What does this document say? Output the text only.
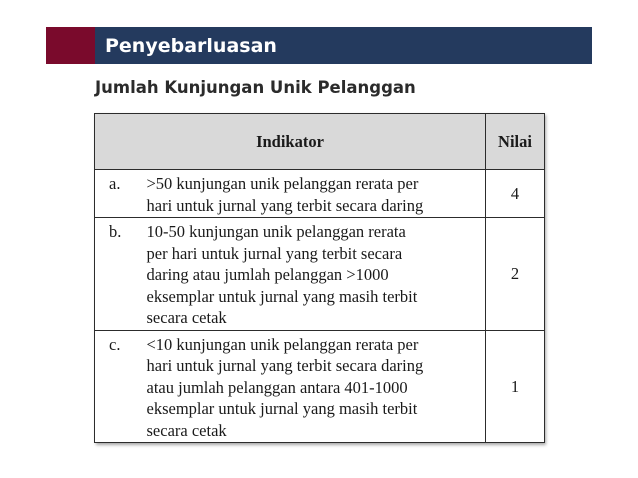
Penyebarluasan
Jumlah Kunjungan Unik Pelanggan
Indikator		Nilai
a.	>50 kunjungan unik pelanggan rerata per
hari untuk jurnal yang terbit secara daring	4
b.	10-50 kunjungan unik pelanggan rerata
per hari untuk jurnal yang terbit secara
daring atau jumlah pelanggan >1000
eksemplar untuk jurnal yang masih terbit
secara cetak	2
c.	<10 kunjungan unik pelanggan rerata per
hari untuk jurnal yang terbit secara daring
atau jumlah pelanggan antara 401-1000
eksemplar untuk jurnal yang masih terbit
secara cetak	1
